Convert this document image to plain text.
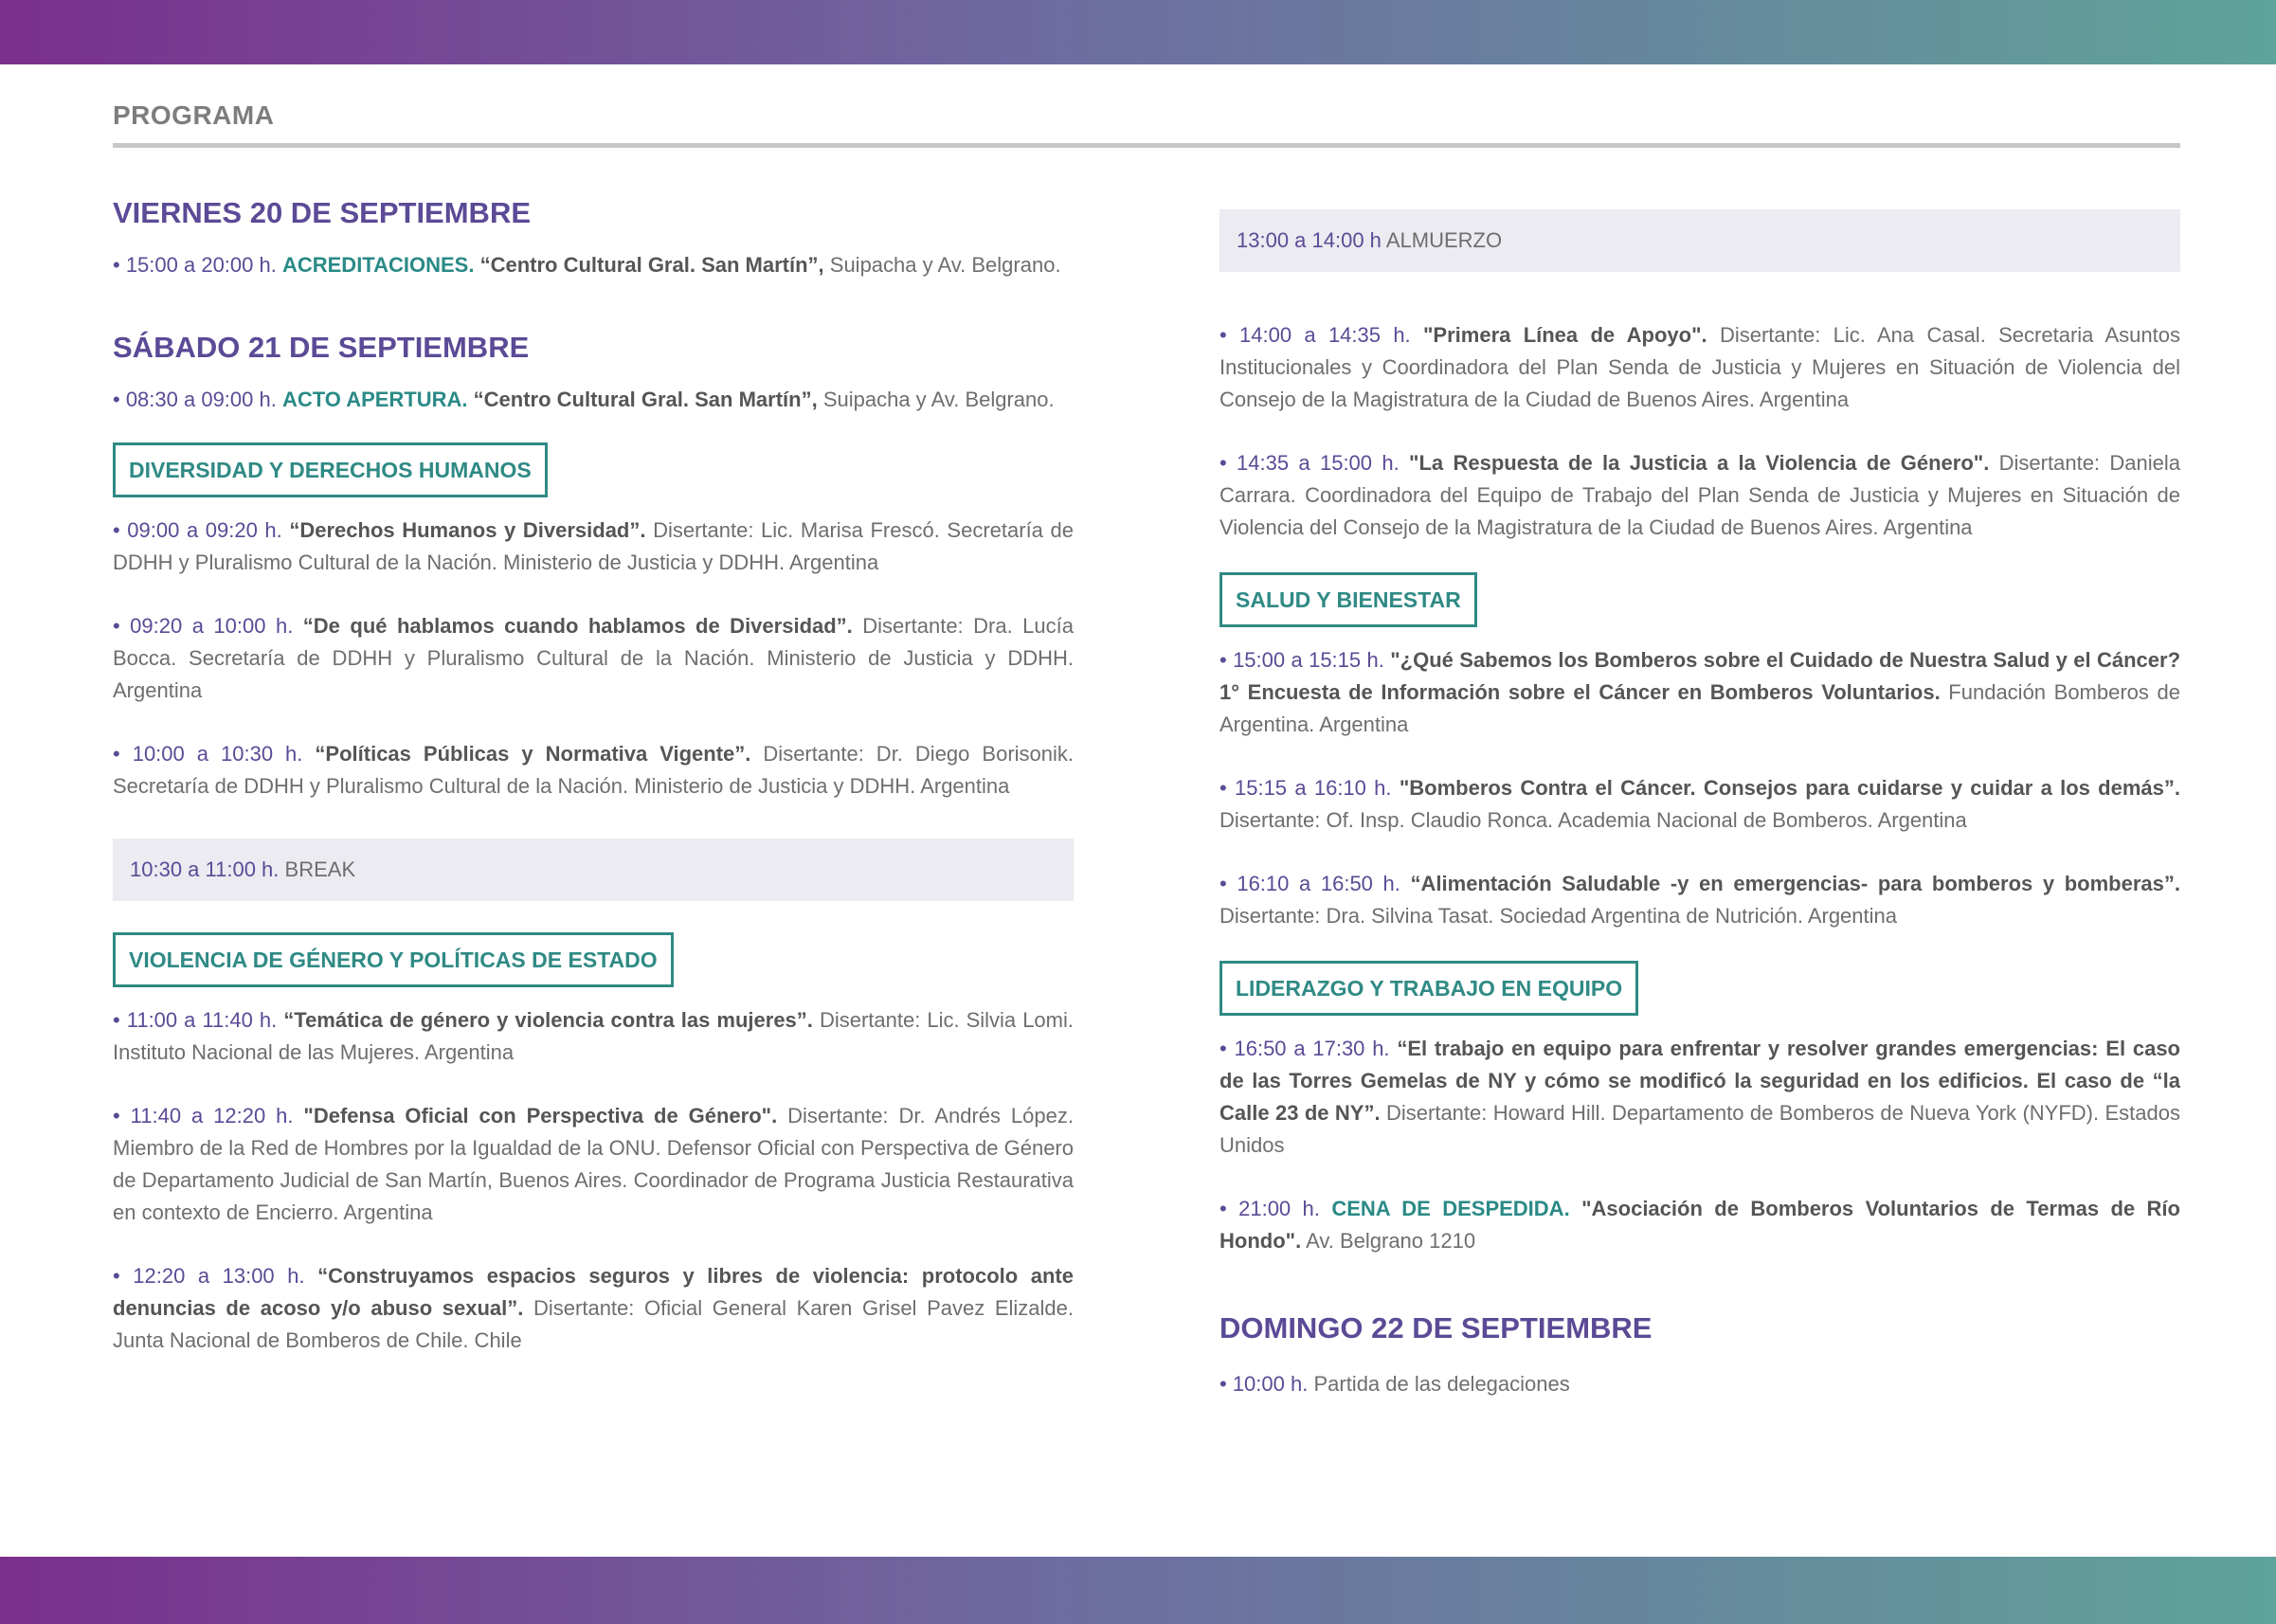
PROGRAMA
VIERNES 20 DE SEPTIEMBRE

• 15:00 a 20:00 h. ACREDITACIONES. “Centro Cultural Gral. San Martín”, Suipacha y Av. Belgrano.

SÁBADO 21 DE SEPTIEMBRE

• 08:30 a 09:00 h. ACTO APERTURA. “Centro Cultural Gral. San Martín”, Suipacha y Av. Belgrano.

DIVERSIDAD Y DERECHOS HUMANOS

• 09:00 a 09:20 h. “Derechos Humanos y Diversidad”. Disertante: Lic. Marisa Frescó. Secretaría de DDHH y Pluralismo Cultural de la Nación. Ministerio de Justicia y DDHH. Argentina

• 09:20 a 10:00 h. “De qué hablamos cuando hablamos de Diversidad”. Disertante: Dra. Lucía Bocca. Secretaría de DDHH y Pluralismo Cultural de la Nación. Ministerio de Justicia y DDHH. Argentina

• 10:00 a 10:30 h. “Políticas Públicas y Normativa Vigente”. Disertante: Dr. Diego Borisonik. Secretaría de DDHH y Pluralismo Cultural de la Nación. Ministerio de Justicia y DDHH. Argentina

10:30 a 11:00 h. BREAK
VIOLENCIA DE GÉNERO Y POLÍTICAS DE ESTADO

• 11:00 a 11:40 h. “Temática de género y violencia contra las mujeres”. Disertante: Lic. Silvia Lomi. Instituto Nacional de las Mujeres. Argentina

• 11:40 a 12:20 h. "Defensa Oficial con Perspectiva de Género". Disertante: Dr. Andrés López. Miembro de la Red de Hombres por la Igualdad de la ONU. Defensor Oficial con Perspectiva de Género de Departamento Judicial de San Martín, Buenos Aires. Coordinador de Programa Justicia Restaurativa en contexto de Encierro. Argentina

• 12:20 a 13:00 h. “Construyamos espacios seguros y libres de violencia: protocolo ante denuncias de acoso y/o abuso sexual”. Disertante: Oficial General Karen Grisel Pavez Elizalde. Junta Nacional de Bomberos de Chile. Chile

13:00 a 14:00 h ALMUERZO

• 14:00 a 14:35 h. "Primera Línea de Apoyo". Disertante: Lic. Ana Casal. Secretaria Asuntos Institucionales y Coordinadora del Plan Senda de Justicia y Mujeres en Situación de Violencia del Consejo de la Magistratura de la Ciudad de Buenos Aires. Argentina

• 14:35 a 15:00 h. "La Respuesta de la Justicia a la Violencia de Género". Disertante: Daniela Carrara. Coordinadora del Equipo de Trabajo del Plan Senda de Justicia y Mujeres en Situación de Violencia del Consejo de la Magistratura de la Ciudad de Buenos Aires. Argentina

SALUD Y BIENESTAR

• 15:00 a 15:15 h. "¿Qué Sabemos los Bomberos sobre el Cuidado de Nuestra Salud y el Cáncer? 1° Encuesta de Información sobre el Cáncer en Bomberos Voluntarios. Fundación Bomberos de Argentina. Argentina

• 15:15 a 16:10 h. "Bomberos Contra el Cáncer. Consejos para cuidarse y cuidar a los demás”. Disertante: Of. Insp. Claudio Ronca. Academia Nacional de Bomberos. Argentina

• 16:10 a 16:50 h. “Alimentación Saludable -y en emergencias- para bomberos y bomberas”. Disertante: Dra. Silvina Tasat. Sociedad Argentina de Nutrición. Argentina

LIDERAZGO Y TRABAJO EN EQUIPO

• 16:50 a 17:30 h. “El trabajo en equipo para enfrentar y resolver grandes emergencias: El caso de las Torres Gemelas de NY y cómo se modificó la seguridad en los edificios. El caso de “la Calle 23 de NY”. Disertante: Howard Hill. Departamento de Bomberos de Nueva York (NYFD). Estados Unidos

• 21:00 h. CENA DE DESPEDIDA. "Asociación de Bomberos Voluntarios de Termas de Río Hondo". Av. Belgrano 1210

DOMINGO 22 DE SEPTIEMBRE

• 10:00 h. Partida de las delegaciones
